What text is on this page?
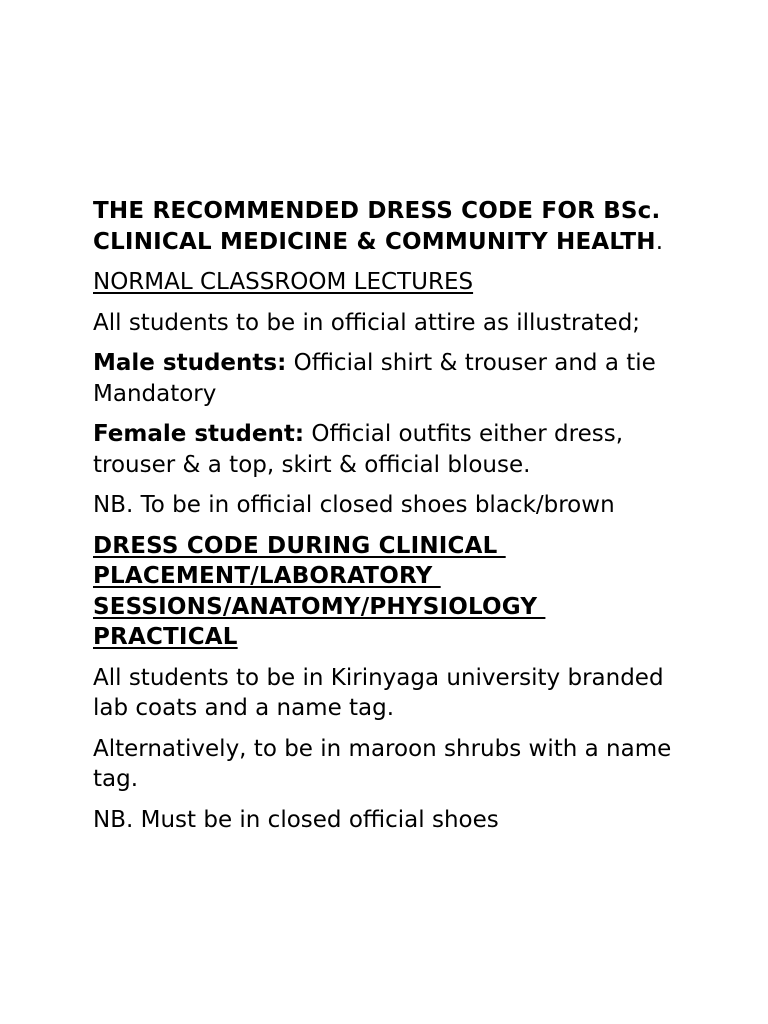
THE RECOMMENDED DRESS CODE FOR BSc. CLINICAL MEDICINE & COMMUNITY HEALTH.
NORMAL CLASSROOM LECTURES
All students to be in official attire as illustrated;
Male students: Official shirt & trouser and a tie Mandatory
Female student: Official outfits either dress, trouser & a top, skirt & official blouse.
NB. To be in official closed shoes black/brown
DRESS CODE DURING CLINICAL
PLACEMENT/LABORATORY
SESSIONS/ANATOMY/PHYSIOLOGY
PRACTICAL
All students to be in Kirinyaga university branded lab coats and a name tag.
Alternatively, to be in maroon shrubs with a name tag.
NB. Must be in closed official shoes
